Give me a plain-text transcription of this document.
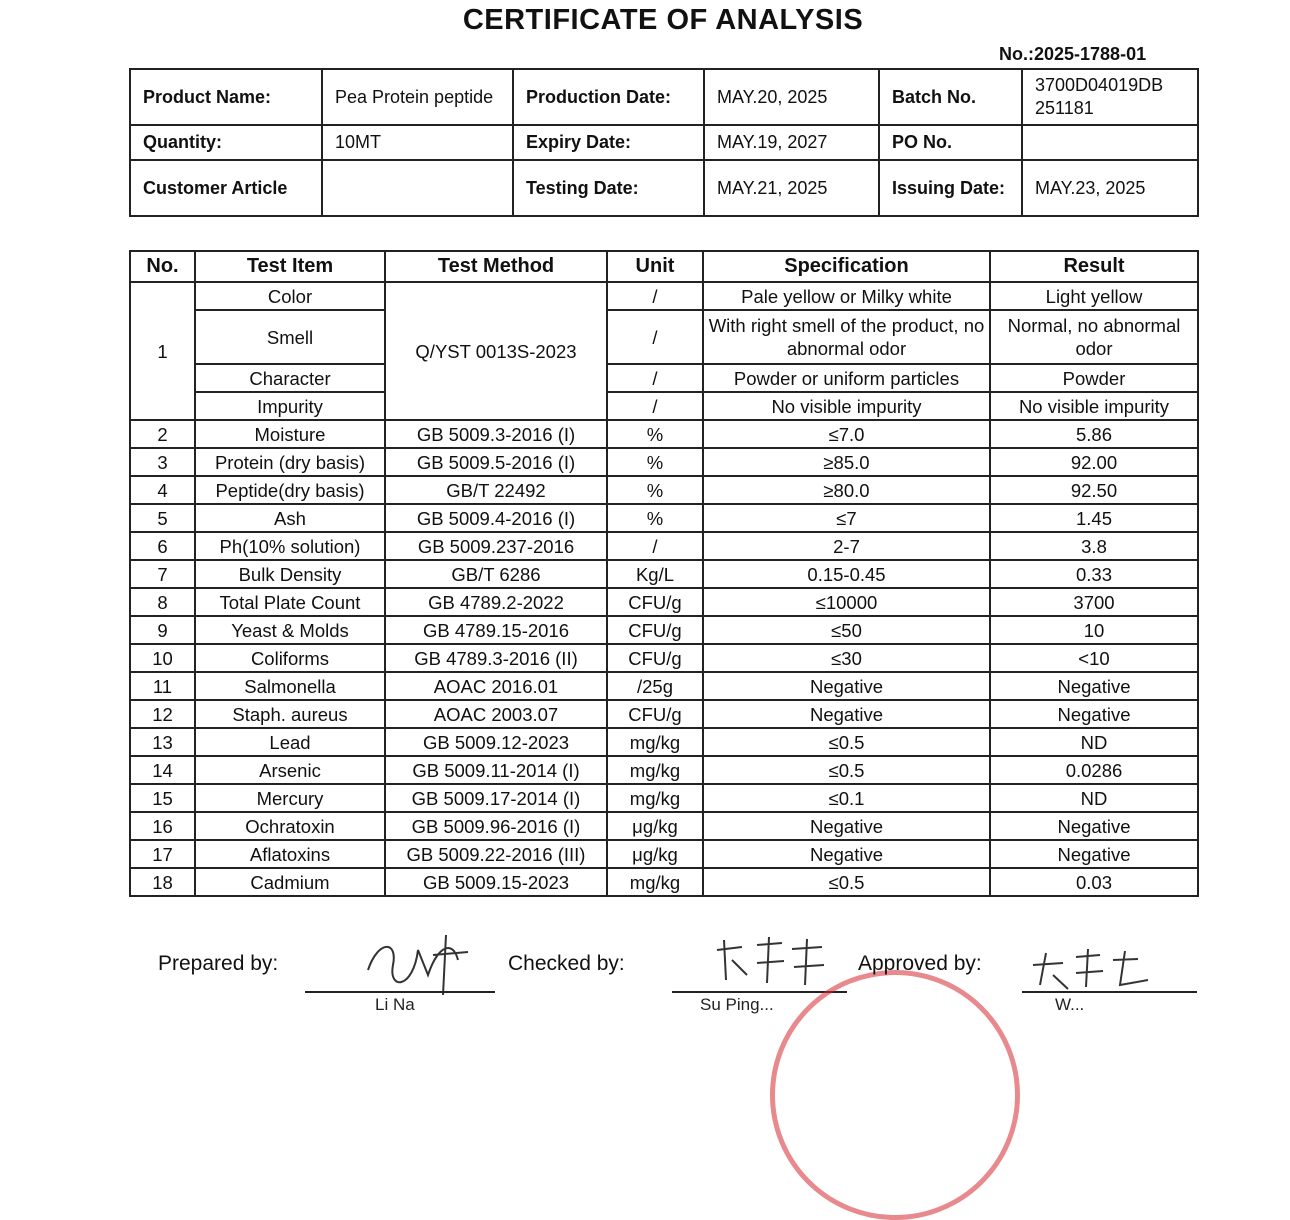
CERTIFICATE OF ANALYSIS
No.:2025-1788-01
Product Name:	Pea Protein peptide	Production Date:	MAY.20, 2025	Batch No.	3700D04019DB 251181
Quantity:	10MT	Expiry Date:	MAY.19, 2027	PO No.	
Customer Article		Testing Date:	MAY.21, 2025	Issuing Date:	MAY.23, 2025
No.	Test Item	Test Method	Unit	Specification	Result
1	Color	Q/YST 0013S-2023	/	Pale yellow or Milky white	Light yellow
	Smell		/	With right smell of the product, no abnormal odor	Normal, no abnormal odor
	Character		/	Powder or uniform particles	Powder
	Impurity		/	No visible impurity	No visible impurity
2	Moisture	GB 5009.3-2016 (I)	%	≤7.0	5.86
3	Protein (dry basis)	GB 5009.5-2016 (I)	%	≥85.0	92.00
4	Peptide(dry basis)	GB/T 22492	%	≥80.0	92.50
5	Ash	GB 5009.4-2016 (I)	%	≤7	1.45
6	Ph(10% solution)	GB 5009.237-2016	/	2-7	3.8
7	Bulk Density	GB/T 6286	Kg/L	0.15-0.45	0.33
8	Total Plate Count	GB 4789.2-2022	CFU/g	≤10000	3700
9	Yeast & Molds	GB 4789.15-2016	CFU/g	≤50	10
10	Coliforms	GB 4789.3-2016 (II)	CFU/g	≤30	<10
11	Salmonella	AOAC 2016.01	/25g	Negative	Negative
12	Staph. aureus	AOAC 2003.07	CFU/g	Negative	Negative
13	Lead	GB 5009.12-2023	mg/kg	≤0.5	ND
14	Arsenic	GB 5009.11-2014 (I)	mg/kg	≤0.5	0.0286
15	Mercury	GB 5009.17-2014 (I)	mg/kg	≤0.1	ND
16	Ochratoxin	GB 5009.96-2016 (I)	μg/kg	Negative	Negative
17	Aflatoxins	GB 5009.22-2016 (III)	μg/kg	Negative	Negative
18	Cadmium	GB 5009.15-2023	mg/kg	≤0.5	0.03
Prepared by:
Li Na
Checked by:
Su Ping...
Approved by:
W...
